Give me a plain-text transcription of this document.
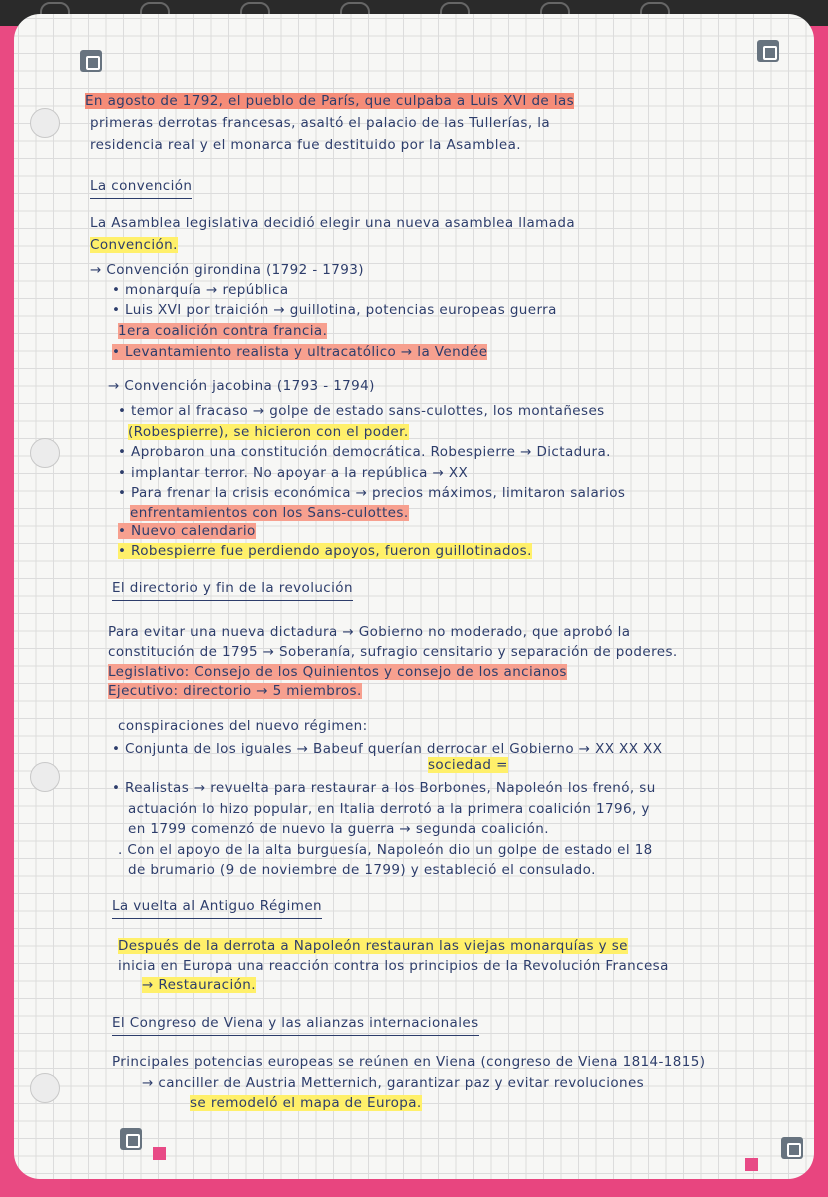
En agosto de 1792, el pueblo de París, que culpaba a Luis XVI de las
primeras derrotas francesas, asaltó el palacio de las Tullerías, la
residencia real y el monarca fue destituido por la Asamblea.
La convención
La Asamblea legislativa decidió elegir una nueva asamblea llamada
Convención.
→ Convención girondina (1792 - 1793)
• monarquía → república
• Luis XVI por traición → guillotina, potencias europeas guerra
1era coalición contra francia.
• Levantamiento realista y ultracatólico → la Vendée
→ Convención jacobina (1793 - 1794)
• temor al fracaso → golpe de estado sans-culottes, los montañeses
(Robespierre), se hicieron con el poder.
• Aprobaron una constitución democrática. Robespierre → Dictadura.
• implantar terror. No apoyar a la república → XX
• Para frenar la crisis económica → precios máximos, limitaron salarios
enfrentamientos con los Sans-culottes.
• Nuevo calendario
• Robespierre fue perdiendo apoyos, fueron guillotinados.
El directorio y fin de la revolución
Para evitar una nueva dictadura → Gobierno no moderado, que aprobó la
constitución de 1795 → Soberanía, sufragio censitario y separación de poderes.
Legislativo: Consejo de los Quinientos y consejo de los ancianos
Ejecutivo: directorio → 5 miembros.
conspiraciones del nuevo régimen:
• Conjunta de los iguales → Babeuf querían derrocar el Gobierno → XX XX XX
sociedad =
• Realistas → revuelta para restaurar a los Borbones, Napoleón los frenó, su
actuación lo hizo popular, en Italia derrotó a la primera coalición 1796, y
en 1799 comenzó de nuevo la guerra → segunda coalición.
. Con el apoyo de la alta burguesía, Napoleón dio un golpe de estado el 18
de brumario (9 de noviembre de 1799) y estableció el consulado.
La vuelta al Antiguo Régimen
Después de la derrota a Napoleón restauran las viejas monarquías y se
inicia en Europa una reacción contra los principios de la Revolución Francesa
→ Restauración.
El Congreso de Viena y las alianzas internacionales
Principales potencias europeas se reúnen en Viena (congreso de Viena 1814-1815)
→ canciller de Austria Metternich, garantizar paz y evitar revoluciones
se remodeló el mapa de Europa.
